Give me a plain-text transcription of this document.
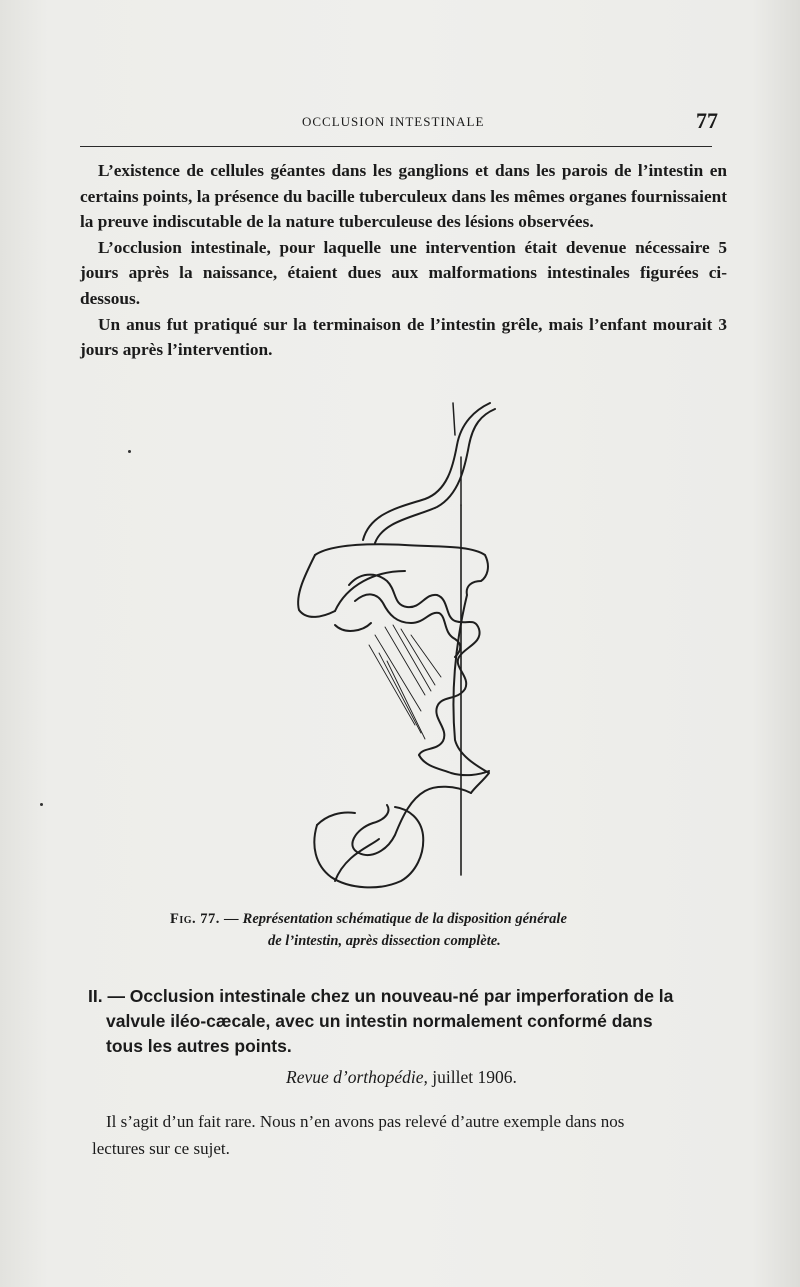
OCCLUSION INTESTINALE	77

L’existence de cellules géantes dans les ganglions et dans les parois de l’intestin en certains points, la présence du bacille tuberculeux dans les mêmes organes fournissaient la preuve indiscutable de la nature tuberculeuse des lésions observées.

L’occlusion intestinale, pour laquelle une intervention était devenue nécessaire 5 jours après la naissance, étaient dues aux malformations intestinales figurées ci-dessous.

Un anus fut pratiqué sur la terminaison de l’intestin grêle, mais l’enfant mourait 3 jours après l’intervention.

Fig. 77. — Représentation schématique de la disposition générale
de l’intestin, après dissection complète.
II. — Occlusion intestinale chez un nouveau-né par imperforation de la

valvule iléo-cæcale, avec un intestin normalement conformé dans
tous les autres points.
Revue d’orthopédie, juillet 1906.
Il s’agit d’un fait rare. Nous n’en avons pas relevé d’autre exemple dans nos
lectures sur ce sujet.
